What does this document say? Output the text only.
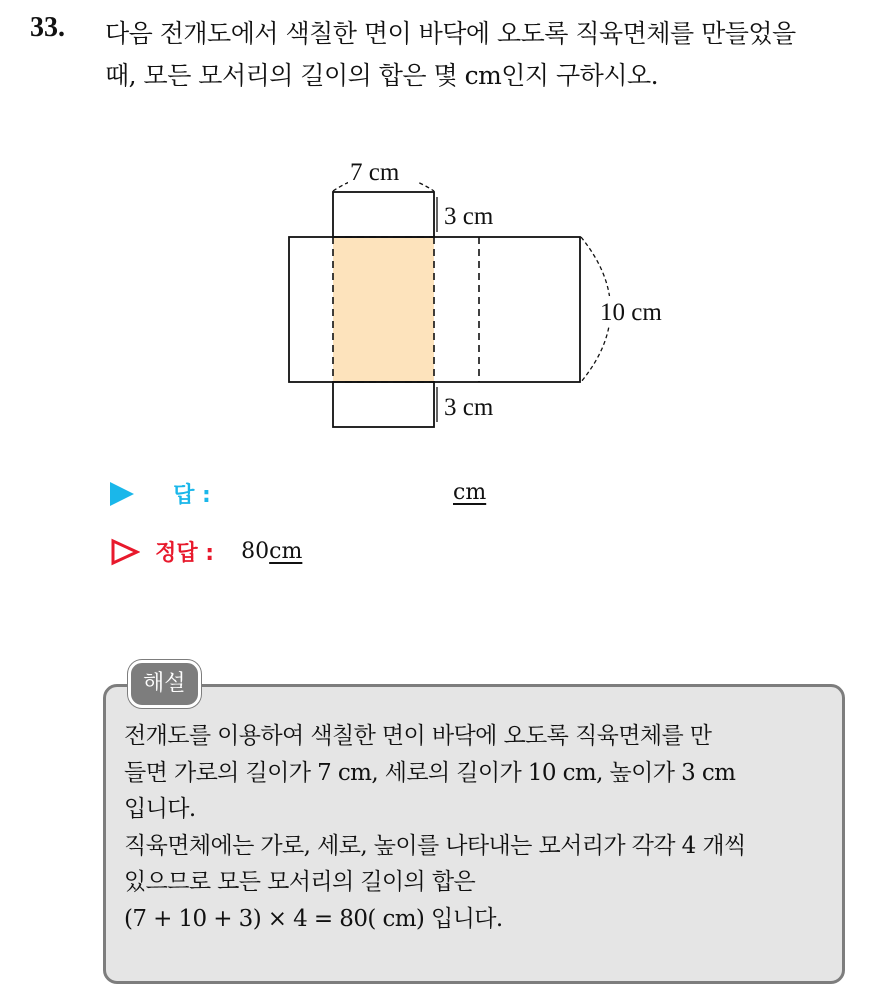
33. 다음 전개도에서 색칠한 면이 바닥에 오도록 직육면체를 만들었을
때, 모든 모서리의 길이의 합은 몇 cm인지 구하시오.
7 cm
3 cm
10 cm
3 cm
답 :	cm
정답 : 80cm
해설
전개도를 이용하여 색칠한 면이 바닥에 오도록 직육면체를 만
들면 가로의 길이가 7 cm, 세로의 길이가 10 cm, 높이가 3 cm
입니다.
직육면체에는 가로, 세로, 높이를 나타내는 모서리가 각각 4 개씩
있으므로 모든 모서리의 길이의 합은
(7 + 10 + 3) × 4 = 80( cm) 입니다.
